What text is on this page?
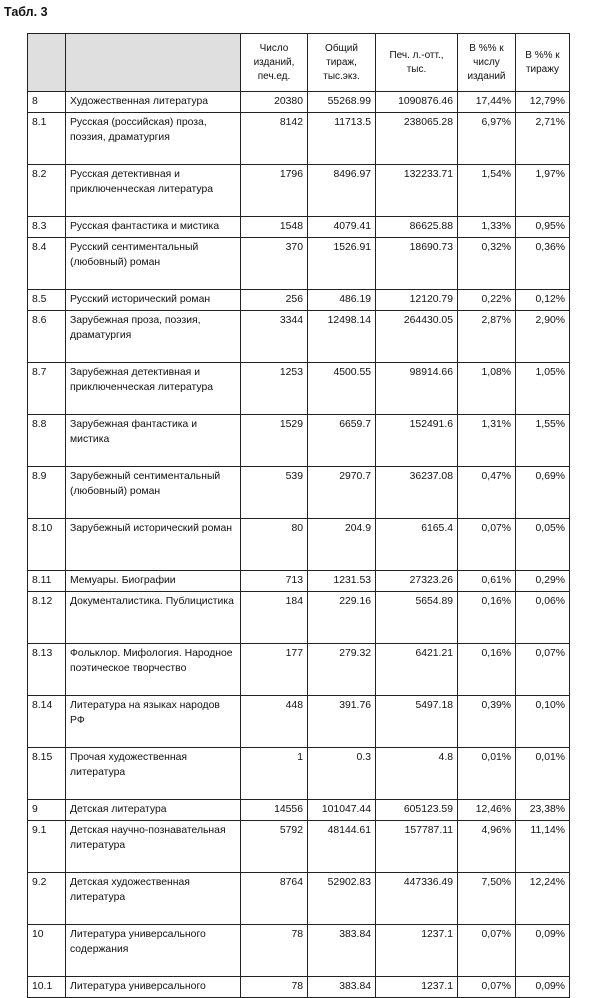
Табл. 3
		Число изданий, печ.ед.	Общий тираж, тыс.экз.	Печ. л.-отт., тыс.	В %% к числу изданий	В %% к тиражу
8	Художественная литература	20380	55268.99	1090876.46	17,44%	12,79%
8.1	Русская (российская) проза, поэзия, драматургия	8142	11713.5	238065.28	6,97%	2,71%
8.2	Русская детективная и приключенческая литература	1796	8496.97	132233.71	1,54%	1,97%
8.3	Русская фантастика и мистика	1548	4079.41	86625.88	1,33%	0,95%
8.4	Русский сентиментальный (любовный) роман	370	1526.91	18690.73	0,32%	0,36%
8.5	Русский исторический роман	256	486.19	12120.79	0,22%	0,12%
8.6	Зарубежная проза, поэзия, драматургия	3344	12498.14	264430.05	2,87%	2,90%
8.7	Зарубежная детективная и приключенческая литература	1253	4500.55	98914.66	1,08%	1,05%
8.8	Зарубежная фантастика и мистика	1529	6659.7	152491.6	1,31%	1,55%
8.9	Зарубежный сентиментальный (любовный) роман	539	2970.7	36237.08	0,47%	0,69%
8.10	Зарубежный исторический роман	80	204.9	6165.4	0,07%	0,05%
8.11	Мемуары. Биографии	713	1231.53	27323.26	0,61%	0,29%
8.12	Документалистика. Публицистика	184	229.16	5654.89	0,16%	0,06%
8.13	Фольклор. Мифология. Народное поэтическое творчество	177	279.32	6421.21	0,16%	0,07%
8.14	Литература на языках народов РФ	448	391.76	5497.18	0,39%	0,10%
8.15	Прочая художественная литература	1	0.3	4.8	0,01%	0,01%
9	Детская литература	14556	101047.44	605123.59	12,46%	23,38%
9.1	Детская научно-познавательная литература	5792	48144.61	157787.11	4,96%	11,14%
9.2	Детская художественная литература	8764	52902.83	447336.49	7,50%	12,24%
10	Литература универсального содержания	78	383.84	1237.1	0,07%	0,09%
10.1	Литература универсального	78	383.84	1237.1	0,07%	0,09%
